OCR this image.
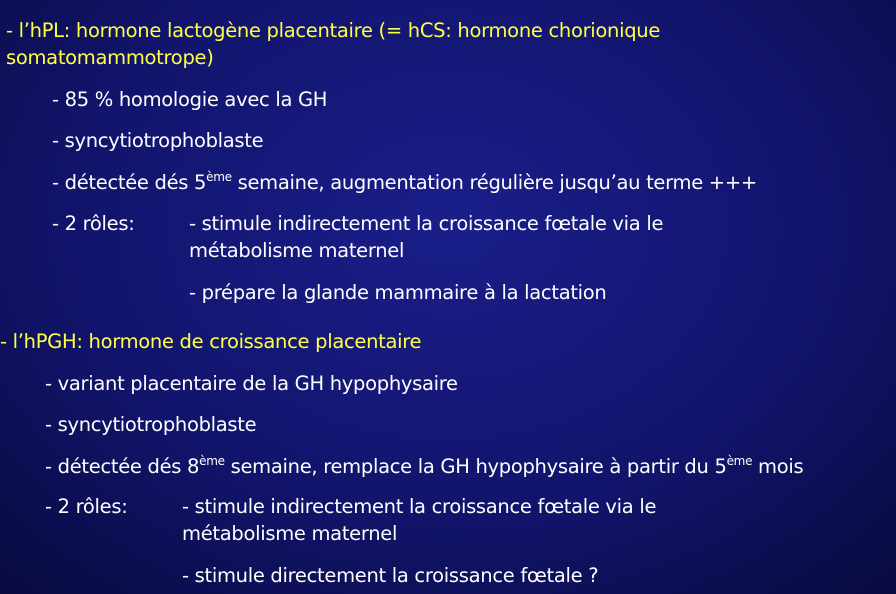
- l’hPL: hormone lactogène placentaire (= hCS: hormone chorionique
somatomammotrope)
- 85 % homologie avec la GH
- syncytiotrophoblaste
- détectée dés 5ème semaine, augmentation régulière jusqu’au terme +++
- 2 rôles:	- stimule indirectement la croissance fœtale via le
métabolisme maternel
- prépare la glande mammaire à la lactation
- l’hPGH: hormone de croissance placentaire
- variant placentaire de la GH hypophysaire
- syncytiotrophoblaste
- détectée dés 8ème semaine, remplace la GH hypophysaire à partir du 5ème mois
- 2 rôles:	- stimule indirectement la croissance fœtale via le
métabolisme maternel
- stimule directement la croissance fœtale ?
